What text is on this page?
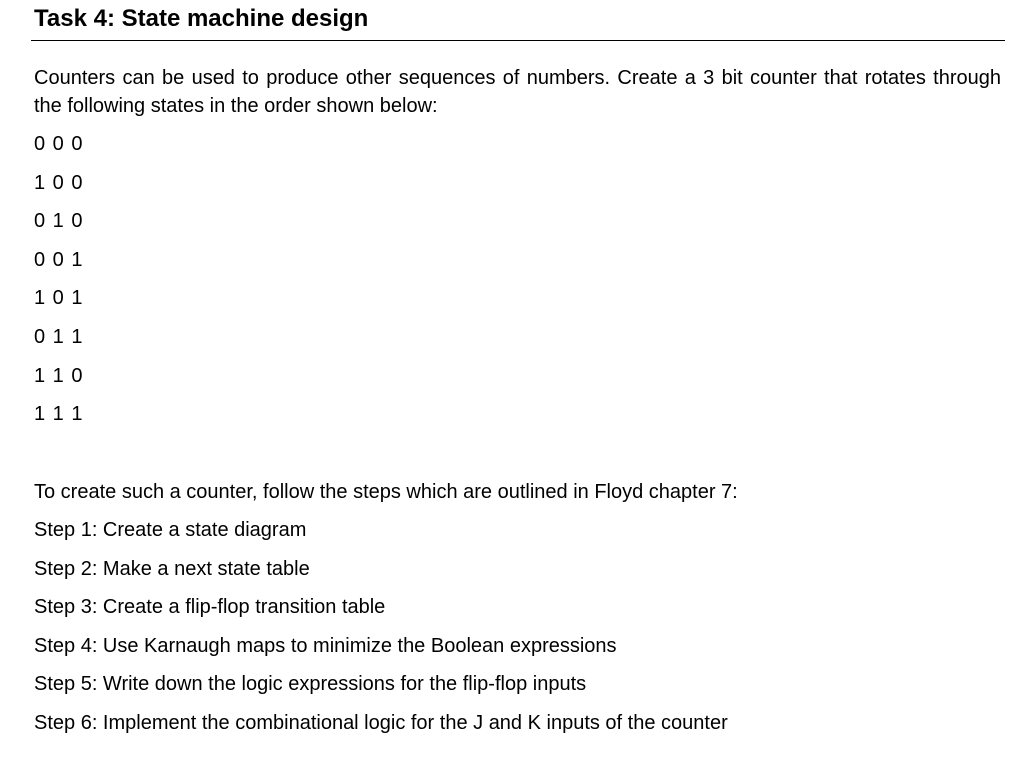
Task 4: State machine design

Counters can be used to produce other sequences of numbers. Create a 3 bit counter that rotates through the following states in the order shown below:

0 0 0
1 0 0
0 1 0
0 0 1
1 0 1
0 1 1
1 1 0
1 1 1

To create such a counter, follow the steps which are outlined in Floyd chapter 7:

Step 1: Create a state diagram
Step 2: Make a next state table
Step 3: Create a flip-flop transition table
Step 4: Use Karnaugh maps to minimize the Boolean expressions
Step 5: Write down the logic expressions for the flip-flop inputs
Step 6: Implement the combinational logic for the J and K inputs of the counter
